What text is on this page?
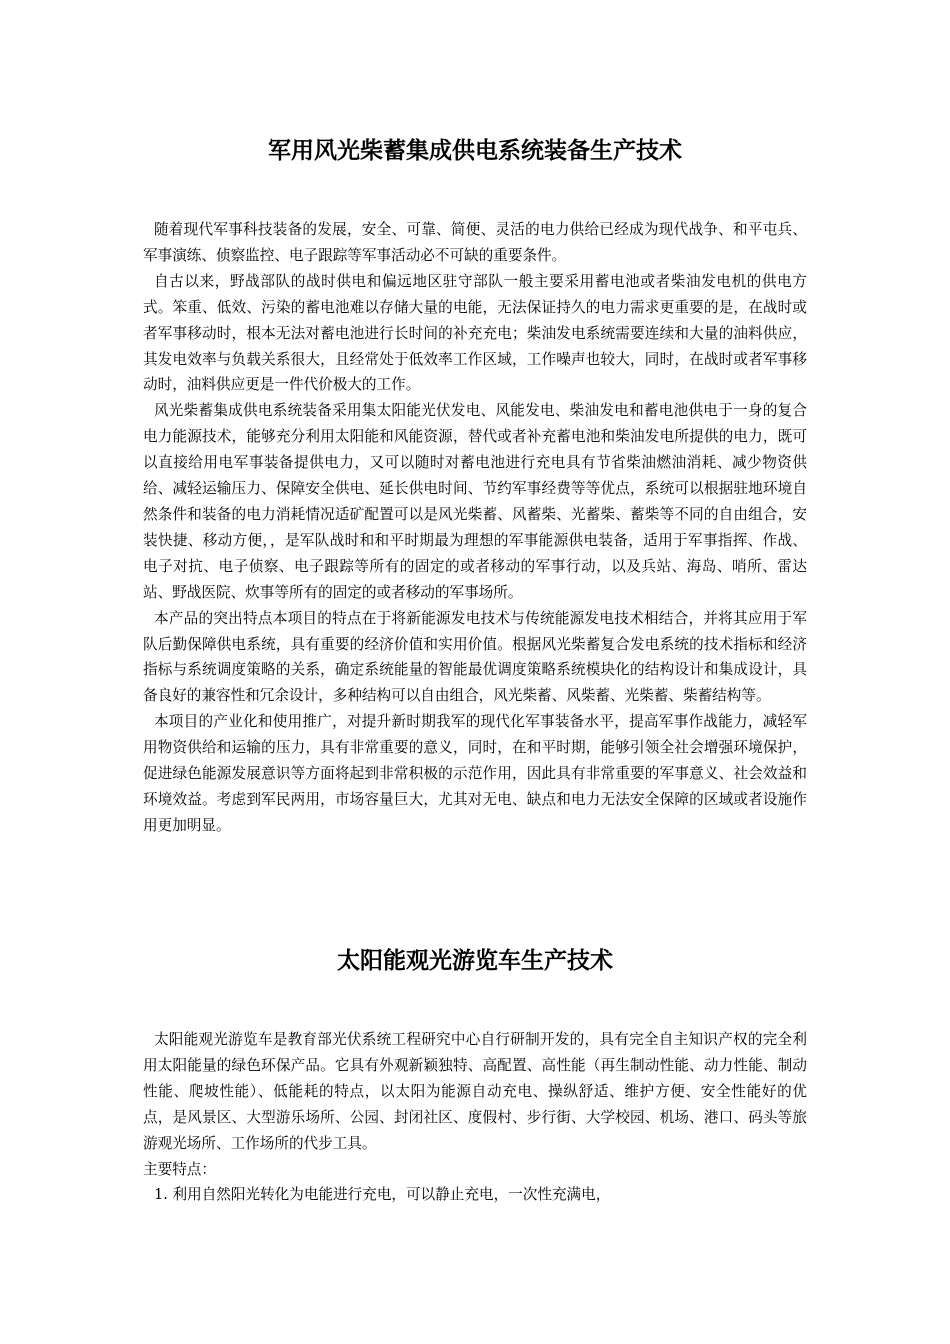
军用风光柴蓄集成供电系统装备生产技术

随着现代军事科技装备的发展，安全、可靠、简便、灵活的电力供给已经成为现代战争、和平屯兵、军事演练、侦察监控、电子跟踪等军事活动必不可缺的重要条件。

自古以来，野战部队的战时供电和偏远地区驻守部队一般主要采用蓄电池或者柴油发电机的供电方式。笨重、低效、污染的蓄电池难以存储大量的电能，无法保证持久的电力需求更重要的是，在战时或者军事移动时，根本无法对蓄电池进行长时间的补充充电；柴油发电系统需要连续和大量的油料供应，其发电效率与负载关系很大，且经常处于低效率工作区域，工作噪声也较大，同时，在战时或者军事移动时，油料供应更是一件代价极大的工作。

风光柴蓄集成供电系统装备采用集太阳能光伏发电、风能发电、柴油发电和蓄电池供电于一身的复合电力能源技术，能够充分利用太阳能和风能资源，替代或者补充蓄电池和柴油发电所提供的电力，既可以直接给用电军事装备提供电力，又可以随时对蓄电池进行充电具有节省柴油燃油消耗、减少物资供给、减轻运输压力、保障安全供电、延长供电时间、节约军事经费等等优点，系统可以根据驻地环境自然条件和装备的电力消耗情况适矿配置可以是风光柴蓄、风蓄柴、光蓄柴、蓄柴等不同的自由组合，安装快捷、移动方便，，是军队战时和和平时期最为理想的军事能源供电装备，适用于军事指挥、作战、电子对抗、电子侦察、电子跟踪等所有的固定的或者移动的军事行动，以及兵站、海岛、哨所、雷达站、野战医院、炊事等所有的固定的或者移动的军事场所。

本产品的突出特点本项目的特点在于将新能源发电技术与传统能源发电技术相结合，并将其应用于军队后勤保障供电系统，具有重要的经济价值和实用价值。根据风光柴蓄复合发电系统的技术指标和经济指标与系统调度策略的关系，确定系统能量的智能最优调度策略系统模块化的结构设计和集成设计，具备良好的兼容性和冗余设计，多种结构可以自由组合，风光柴蓄、风柴蓄、光柴蓄、柴蓄结构等。

本项目的产业化和使用推广，对提升新时期我军的现代化军事装备水平，提高军事作战能力，减轻军用物资供给和运输的压力，具有非常重要的意义，同时，在和平时期，能够引领全社会增强环境保护，促进绿色能源发展意识等方面将起到非常积极的示范作用，因此具有非常重要的军事意义、社会效益和环境效益。考虑到军民两用，市场容量巨大，尤其对无电、缺点和电力无法安全保障的区域或者设施作用更加明显。

太阳能观光游览车生产技术

太阳能观光游览车是教育部光伏系统工程研究中心自行研制开发的，具有完全自主知识产权的完全利用太阳能量的绿色环保产品。它具有外观新颖独特、高配置、高性能（再生制动性能、动力性能、制动性能、爬坡性能）、低能耗的特点，以太阳为能源自动充电、操纵舒适、维护方便、安全性能好的优点，是风景区、大型游乐场所、公园、封闭社区、度假村、步行街、大学校园、机场、港口、码头等旅游观光场所、工作场所的代步工具。

主要特点：

1. 利用自然阳光转化为电能进行充电，可以静止充电，一次性充满电，
